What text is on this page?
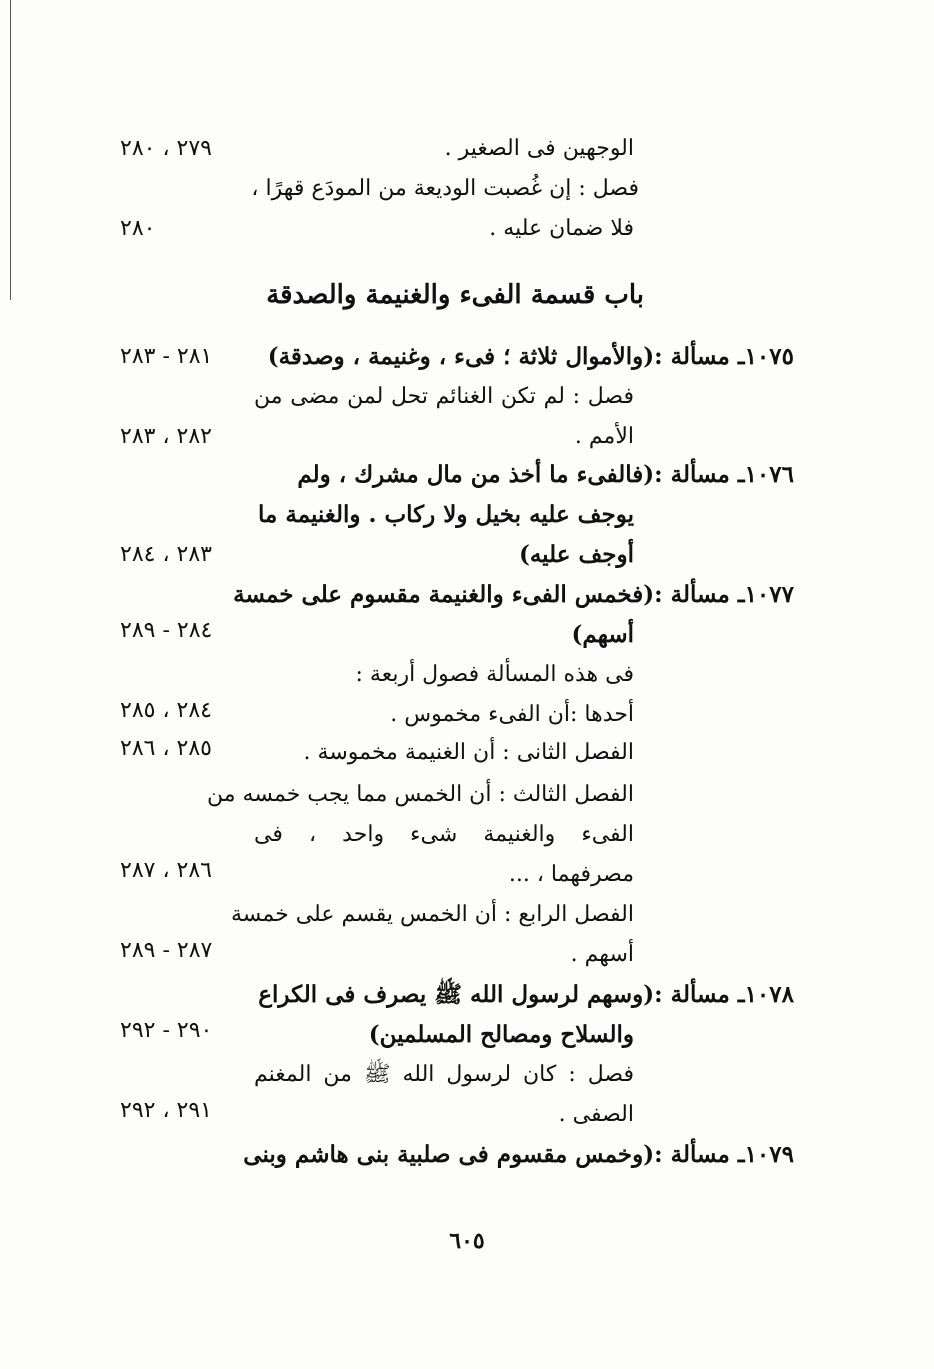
الوجهين فى الصغير .
٢٧٩ ، ٢٨٠
فصل : إن غُصبت الوديعة من المودَع قهرًا ،
فلا ضمان عليه .
٢٨٠
باب قسمة الفىء والغنيمة والصدقة
١٠٧٥ـ مسألة :(والأموال ثلاثة ؛ فىء ، وغنيمة ، وصدقة)
٢٨١ - ٢٨٣
فصل : لم تكن الغنائم تحل لمن مضى من
الأمم .
٢٨٢ ، ٢٨٣
١٠٧٦ـ مسألة :(فالفىء ما أخذ من مال مشرك ، ولم
يوجف عليه بخيل ولا ركاب . والغنيمة ما
أوجف عليه)
٢٨٣ ، ٢٨٤
١٠٧٧ـ مسألة :(فخمس الفىء والغنيمة مقسوم على خمسة
أسهم)
٢٨٤ - ٢٨٩
فى هذه المسألة فصول أربعة :
أحدها :أن الفىء مخموس .
٢٨٤ ، ٢٨٥
الفصل الثانى : أن الغنيمة مخموسة .
٢٨٥ ، ٢٨٦
الفصل الثالث : أن الخمس مما يجب خمسه من
الفىء والغنيمة شىء واحد ، فى
مصرفهما ، ...
٢٨٦ ، ٢٨٧
الفصل الرابع : أن الخمس يقسم على خمسة
أسهم .
٢٨٧ - ٢٨٩
١٠٧٨ـ مسألة :(وسهم لرسول الله ﷺ يصرف فى الكراع
والسلاح ومصالح المسلمين)
٢٩٠ - ٢٩٢
فصل : كان لرسول الله ﷺ من المغنم
الصفى .
٢٩١ ، ٢٩٢
١٠٧٩ـ مسألة :(وخمس مقسوم فى صلبية بنى هاشم وبنى
٦٠٥
